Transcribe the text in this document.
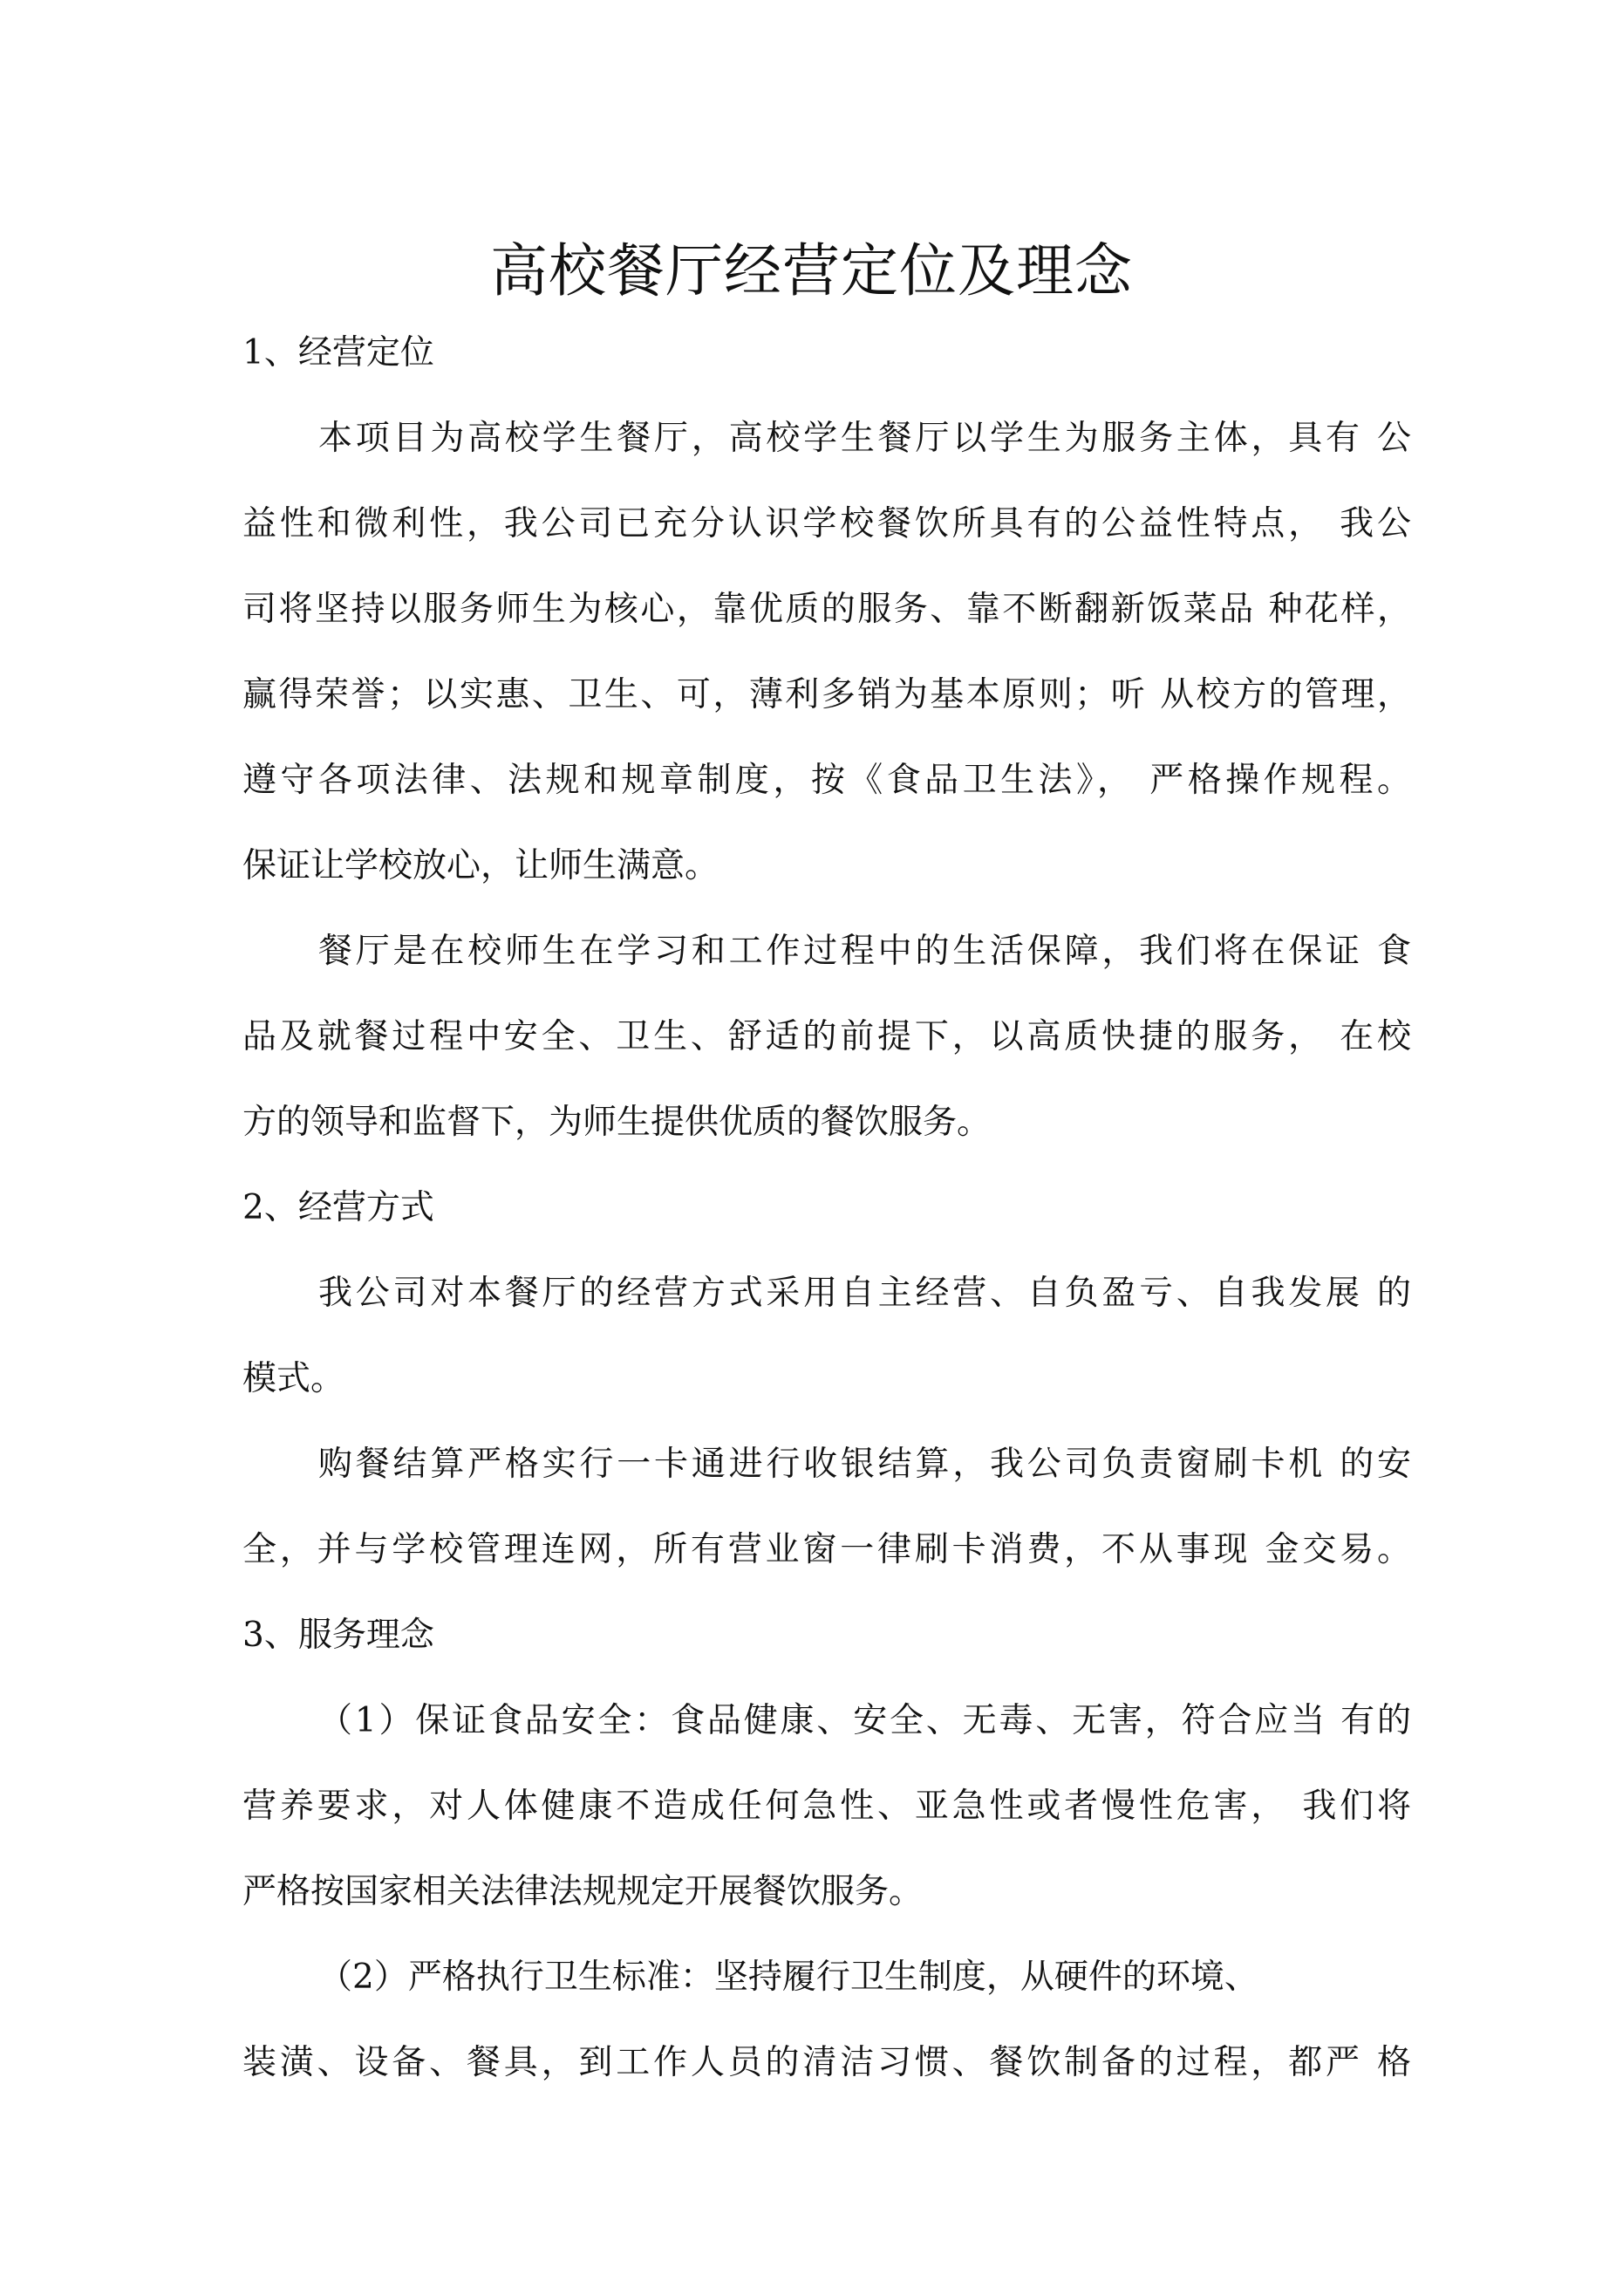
高校餐厅经营定位及理念
1、经营定位
本项目为高校学生餐厅，高校学生餐厅以学生为服务主体，具有 公
益性和微利性，我公司已充分认识学校餐饮所具有的公益性特点， 我公
司将坚持以服务师生为核心，靠优质的服务、靠不断翻新饭菜品 种花样，
赢得荣誉；以实惠、卫生、可，薄利多销为基本原则；听 从校方的管理，
遵守各项法律、法规和规章制度，按《食品卫生法》， 严格操作规程。
保证让学校放心，让师生满意。
餐厅是在校师生在学习和工作过程中的生活保障，我们将在保证 食
品及就餐过程中安全、卫生、舒适的前提下，以高质快捷的服务， 在校
方的领导和监督下，为师生提供优质的餐饮服务。
2、经营方式
我公司对本餐厅的经营方式采用自主经营、自负盈亏、自我发展 的
模式。
购餐结算严格实行一卡通进行收银结算，我公司负责窗刷卡机 的安
全，并与学校管理连网，所有营业窗一律刷卡消费，不从事现 金交易。
3、服务理念
（1）保证食品安全：食品健康、安全、无毒、无害，符合应当 有的
营养要求，对人体健康不造成任何急性、亚急性或者慢性危害， 我们将
严格按国家相关法律法规规定开展餐饮服务。
（2）严格执行卫生标准：坚持履行卫生制度，从硬件的环境、
装潢、设备、餐具，到工作人员的清洁习惯、餐饮制备的过程，都严 格
